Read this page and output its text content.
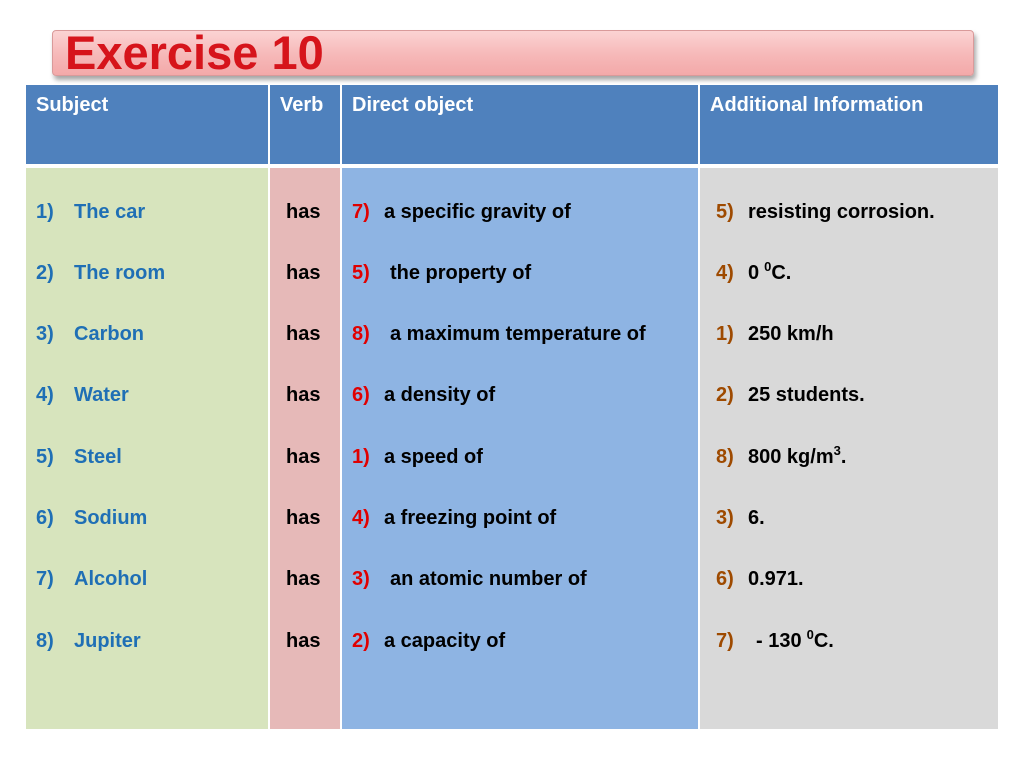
Exercise 10
Subject
1) The car
2) The room
3) Carbon
4) Water
5) Steel
6) Sodium
7) Alcohol
8) Jupiter
Verb
has
has
has
has
has
has
has
has
Direct object
7) a specific gravity of
5) the property of
8) a maximum temperature of
6) a density of
1) a speed of
4) a freezing point of
3) an atomic number of
2) a capacity of
Additional Information
5) resisting corrosion.
4) 0 $^0$C.
1) 250 km/h
2) 25 students.
8) 800 $kg/m^3$.
3) 6.
6) 0.971.
7) - 130 $^0$C.
